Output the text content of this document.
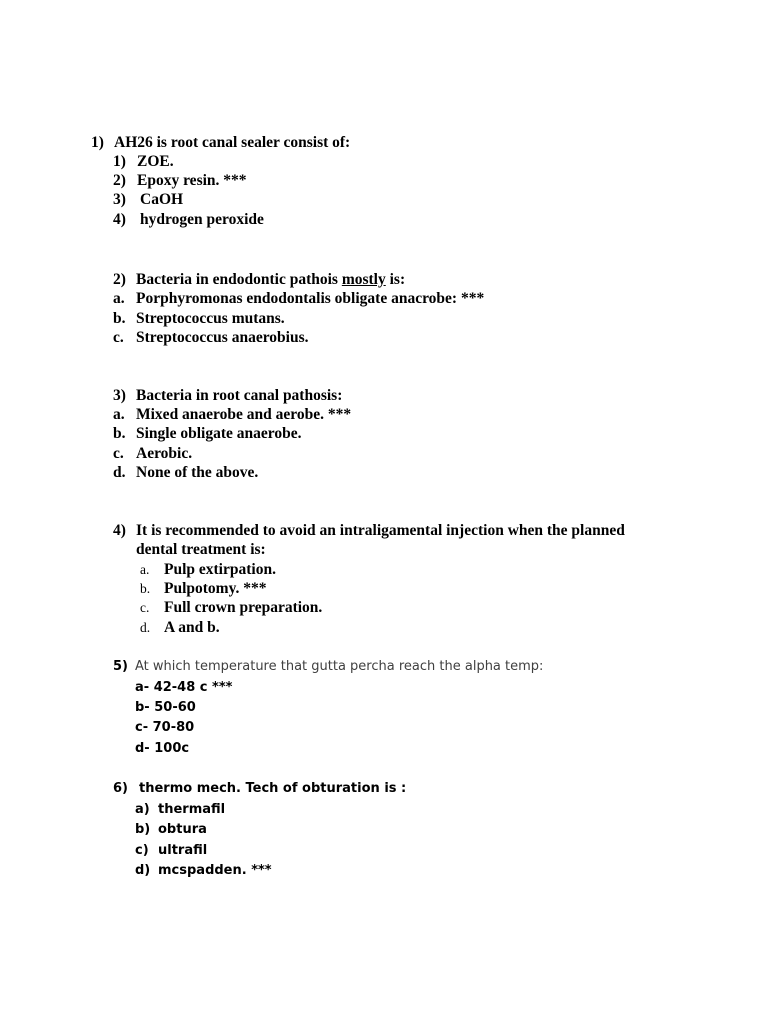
1) AH26 is root canal sealer consist of:
1) ZOE.
2) Epoxy resin. ***
3) CaOH
4) hydrogen peroxide
2) Bacteria in endodontic pathois mostly is:
a. Porphyromonas endodontalis obligate anacrobe: ***
b. Streptococcus mutans.
c. Streptococcus anaerobius.
3) Bacteria in root canal pathosis:
a. Mixed anaerobe and aerobe. ***
b. Single obligate anaerobe.
c. Aerobic.
d. None of the above.
4) It is recommended to avoid an intraligamental injection when the planned
dental treatment is:
a. Pulp extirpation.
b. Pulpotomy. ***
c. Full crown preparation.
d. A and b.
5) At which temperature that gutta percha reach the alpha temp:
a- 42-48 c ***
b- 50-60
c- 70-80
d- 100c
6) thermo mech. Tech of obturation is :
a) thermafil
b) obtura
c) ultrafil
d) mcspadden. ***
